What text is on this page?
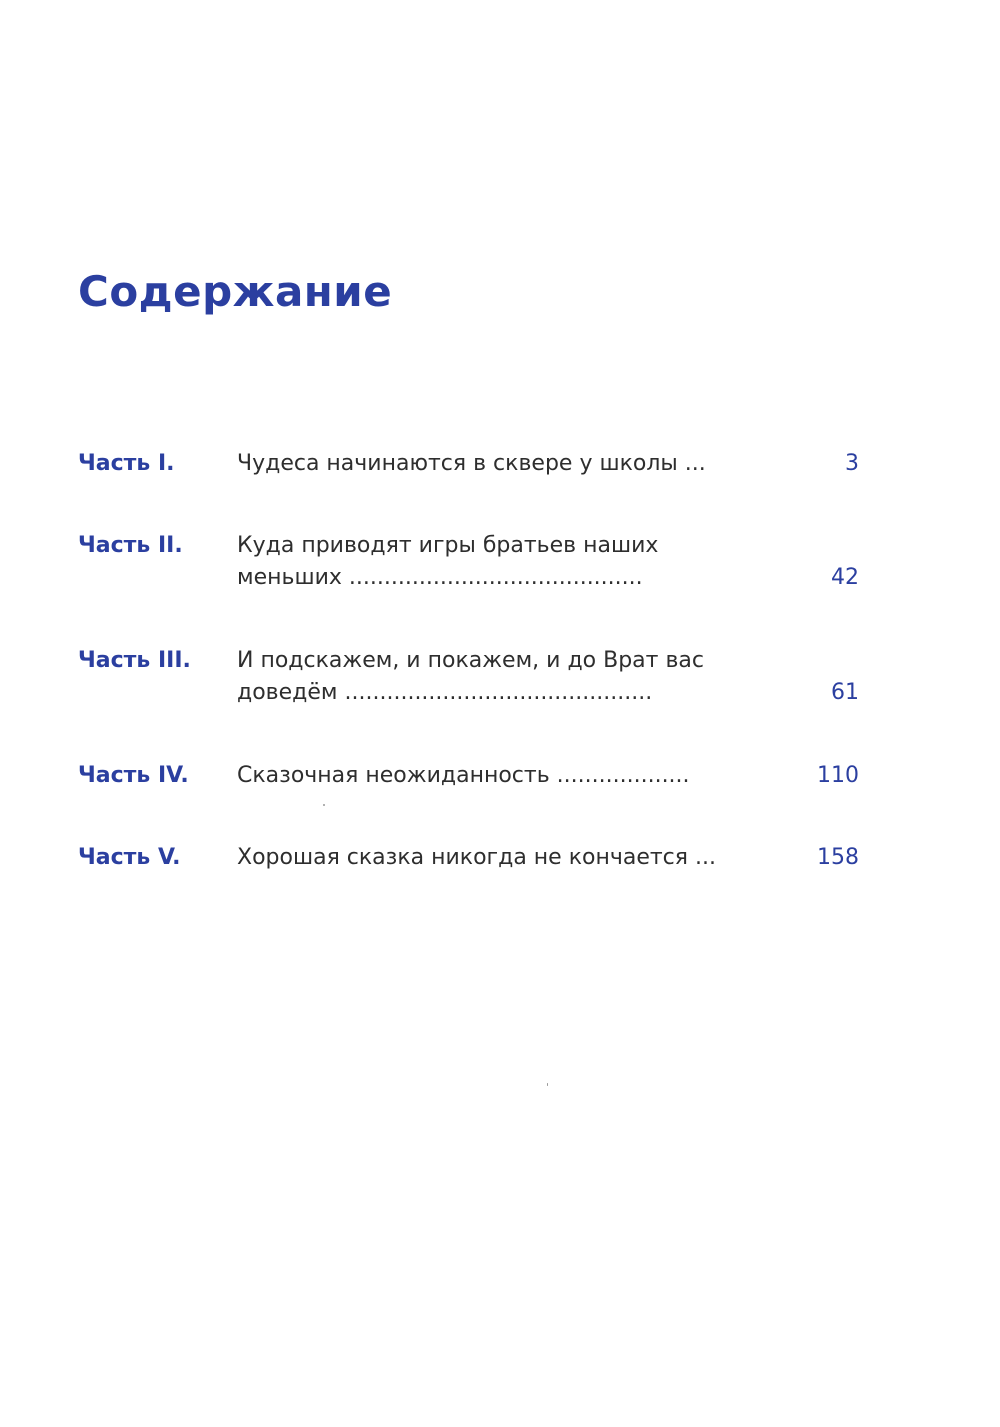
Содержание
Часть I.	Чудеса начинаются в сквере у школы ...	3
Часть II. Куда приводят игры братьев наших
меньших ..........................................	42
Часть III. И подскажем, и покажем, и до Врат вас
доведём ............................................	61
Часть IV. Сказочная неожиданность ...................	110
Часть V.	Хорошая сказка никогда не кончается ...	158
